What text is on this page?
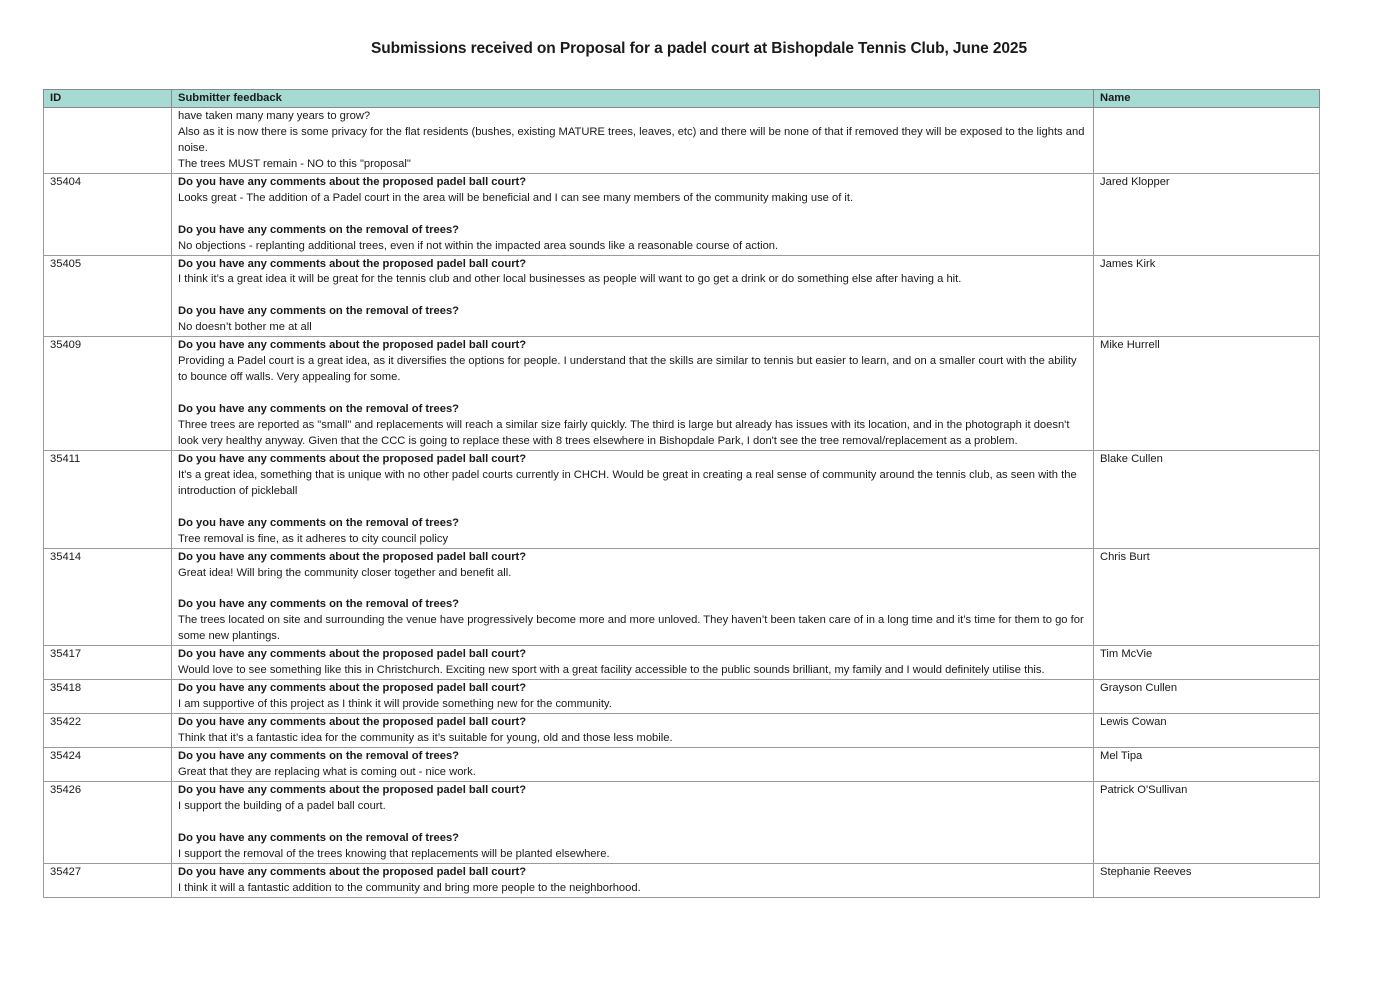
Submissions received on Proposal for a padel court at Bishopdale Tennis Club, June 2025
ID	Submitter feedback	Name

	have taken many many years to grow?
Also as it is now there is some privacy for the flat residents (bushes, existing MATURE trees, leaves, etc) and there will be none of that if removed they will be exposed to the lights and noise.
The trees MUST remain - NO to this "proposal"	

35404	Do you have any comments about the proposed padel ball court?

Looks great - The addition of a Padel court in the area will be beneficial and I can see many members of the community making use of it.

Do you have any comments on the removal of trees?

No objections - replanting additional trees, even if not within the impacted area sounds like a reasonable course of action.	Jared Klopper
35405	Do you have any comments about the proposed padel ball court?

I think it’s a great idea it will be great for the tennis club and other local businesses as people will want to go get a drink or do something else after having a hit.

Do you have any comments on the removal of trees?

No doesn’t bother me at all	James Kirk
35409	Do you have any comments about the proposed padel ball court?

Providing a Padel court is a great idea, as it diversifies the options for people. I understand that the skills are similar to tennis but easier to learn, and on a smaller court with the ability to bounce off walls. Very appealing for some.

Do you have any comments on the removal of trees?

Three trees are reported as "small" and replacements will reach a similar size fairly quickly. The third is large but already has issues with its location, and in the photograph it doesn't look very healthy anyway. Given that the CCC is going to replace these with 8 trees elsewhere in Bishopdale Park, I don't see the tree removal/replacement as a problem.	Mike Hurrell
35411	Do you have any comments about the proposed padel ball court?

It's a great idea, something that is unique with no other padel courts currently in CHCH. Would be great in creating a real sense of community around the tennis club, as seen with the introduction of pickleball

Do you have any comments on the removal of trees?

Tree removal is fine, as it adheres to city council policy	Blake Cullen
35414	Do you have any comments about the proposed padel ball court?

Great idea! Will bring the community closer together and benefit all.

Do you have any comments on the removal of trees?

The trees located on site and surrounding the venue have progressively become more and more unloved. They haven’t been taken care of in a long time and it’s time for them to go for some new plantings.	Chris Burt
35417	Do you have any comments about the proposed padel ball court?

Would love to see something like this in Christchurch. Exciting new sport with a great facility accessible to the public sounds brilliant, my family and I would definitely utilise this.	Tim McVie
35418	Do you have any comments about the proposed padel ball court?

I am supportive of this project as I think it will provide something new for the community.	Grayson Cullen
35422	Do you have any comments about the proposed padel ball court?

Think that it’s a fantastic idea for the community as it’s suitable for young, old and those less mobile.	Lewis Cowan
35424	Do you have any comments on the removal of trees?

Great that they are replacing what is coming out - nice work.	Mel Tipa
35426	Do you have any comments about the proposed padel ball court?

I support the building of a padel ball court.

Do you have any comments on the removal of trees?

I support the removal of the trees knowing that replacements will be planted elsewhere.	Patrick O'Sullivan
35427	Do you have any comments about the proposed padel ball court?

I think it will a fantastic addition to the community and bring more people to the neighborhood.	Stephanie Reeves
